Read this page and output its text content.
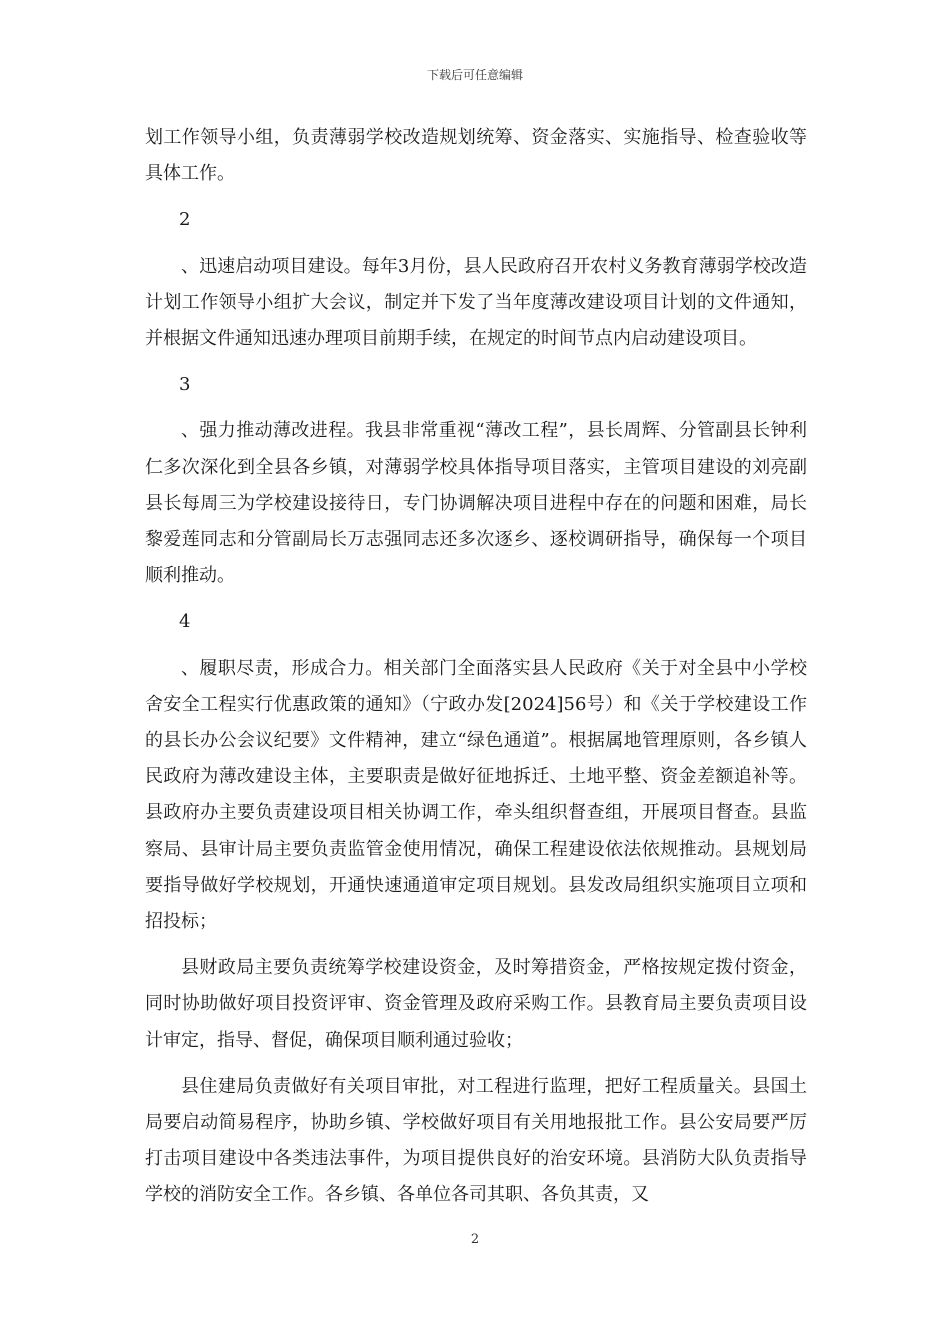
下载后可任意编辑

划工作领导小组，负责薄弱学校改造规划统筹、资金落实、实施指导、检查验收等具体工作。

2

、迅速启动项目建设。每年3月份，县人民政府召开农村义务教育薄弱学校改造计划工作领导小组扩大会议，制定并下发了当年度薄改建设项目计划的文件通知，并根据文件通知迅速办理项目前期手续，在规定的时间节点内启动建设项目。

3

、强力推动薄改进程。我县非常重视“薄改工程”，县长周辉、分管副县长钟利仁多次深化到全县各乡镇，对薄弱学校具体指导项目落实，主管项目建设的刘亮副县长每周三为学校建设接待日，专门协调解决项目进程中存在的问题和困难，局长黎爱莲同志和分管副局长万志强同志还多次逐乡、逐校调研指导，确保每一个项目顺利推动。

4

、履职尽责，形成合力。相关部门全面落实县人民政府《关于对全县中小学校舍安全工程实行优惠政策的通知》（宁政办发[2024]56号）和《关于学校建设工作的县长办公会议纪要》文件精神，建立“绿色通道”。根据属地管理原则，各乡镇人民政府为薄改建设主体，主要职责是做好征地拆迁、土地平整、资金差额追补等。县政府办主要负责建设项目相关协调工作，牵头组织督查组，开展项目督查。县监察局、县审计局主要负责监管金使用情况，确保工程建设依法依规推动。县规划局要指导做好学校规划，开通快速通道审定项目规划。县发改局组织实施项目立项和招投标；

县财政局主要负责统筹学校建设资金，及时筹措资金，严格按规定拨付资金，同时协助做好项目投资评审、资金管理及政府采购工作。县教育局主要负责项目设计审定，指导、督促，确保项目顺利通过验收；

县住建局负责做好有关项目审批，对工程进行监理，把好工程质量关。县国土局要启动简易程序，协助乡镇、学校做好项目有关用地报批工作。县公安局要严厉打击项目建设中各类违法事件，为项目提供良好的治安环境。县消防大队负责指导学校的消防安全工作。各乡镇、各单位各司其职、各负其责，又

2
